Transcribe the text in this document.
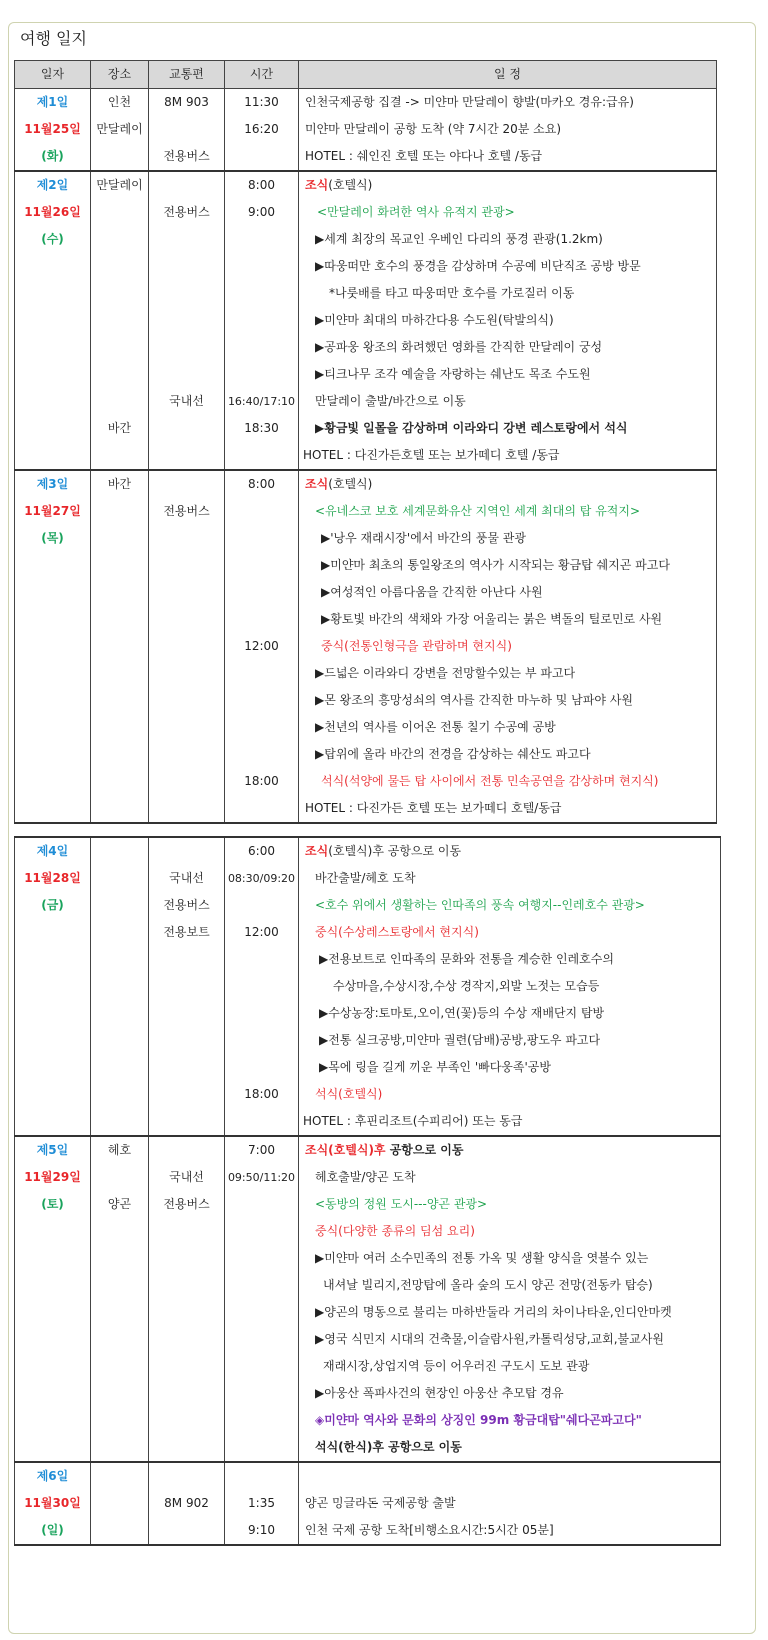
여행 일지
일자	장소	교통편	시간	일 정
제1일	인천	8M 903	11:30	인천국제공항 집결 -> 미얀마 만달레이 향발(마카오 경유:급유)
11월25일	만달레이		16:20	미얀마 만달레이 공항 도착 (약 7시간 20분 소요)
(화)		전용버스		HOTEL : 쉐인진 호텔 또는 야다나 호텔 /동급
제2일	만달레이		8:00	조식(호텔식)
11월26일		전용버스	9:00	<만달레이 화려한 역사 유적지 관광>
(수)				▶세계 최장의 목교인 우베인 다리의 풍경 관광(1.2km)
				▶따웅떠만 호수의 풍경을 감상하며 수공예 비단직조 공방 방문
				*나룻배를 타고 따웅떠만 호수를 가로질러 이동
				▶미얀마 최대의 마하간다용 수도원(탁발의식)
				▶공파웅 왕조의 화려했던 영화를 간직한 만달레이 궁성
				▶티크나무 조각 예술을 자랑하는 쉐난도 목조 수도원
		국내선	16:40/17:10	만달레이 출발/바간으로 이동
	바간		18:30	▶황금빛 일몰을 감상하며 이라와디 강변 레스토랑에서 석식
				HOTEL : 다진가든호텔 또는 보가떼디 호텔 /동급
제3일	바간		8:00	조식(호텔식)
11월27일		전용버스		<유네스코 보호 세계문화유산 지역인 세계 최대의 탑 유적지>
(목)				▶'낭우 재래시장'에서 바간의 풍물 관광
				▶미얀마 최초의 통일왕조의 역사가 시작되는 황금탑 쉐지곤 파고다
				▶여성적인 아름다움을 간직한 아난다 사원
				▶황토빛 바간의 색채와 가장 어울리는 붉은 벽돌의 틸로민로 사원
			12:00	중식(전통인형극을 관람하며 현지식)
				▶드넓은 이라와디 강변을 전망할수있는 부 파고다
				▶몬 왕조의 흥망성쇠의 역사를 간직한 마누하 및 남파야 사원
				▶천년의 역사를 이어온 전통 칠기 수공예 공방
				▶탑위에 올라 바간의 전경을 감상하는 쉐산도 파고다
			18:00	석식(석양에 물든 탑 사이에서 전통 민속공연을 감상하며 현지식)
				HOTEL : 다진가든 호텔 또는 보가떼디 호텔/동급
제4일			6:00	조식(호텔식)후 공항으로 이동
11월28일		국내선	08:30/09:20	바간출발/헤호 도착
(금)		전용버스		<호수 위에서 생활하는 인따족의 풍속 여행지--인레호수 관광>
		전용보트	12:00	중식(수상레스토랑에서 현지식)
				▶전용보트로 인따족의 문화와 전통을 계승한 인레호수의
				수상마을,수상시장,수상 경작지,외발 노젓는 모습등
				▶수상농장:토마토,오이,연(꽃)등의 수상 재배단지 탐방
				▶전통 실크공방,미얀마 궐련(담배)공방,팡도우 파고다
				▶목에 링을 길게 끼운 부족인 '빠다웅족'공방
			18:00	석식(호텔식)
				HOTEL : 후핀리조트(수피리어) 또는 동급
제5일	헤호		7:00	조식(호텔식)후 공항으로 이동
11월29일		국내선	09:50/11:20	헤호출발/양곤 도착
(토)	양곤	전용버스		<동방의 정원 도시---양곤 관광>
				중식(다양한 종류의 딤섬 요리)
				▶미얀마 여러 소수민족의 전통 가옥 및 생활 양식을 엿볼수 있는
				내셔날 빌리지,전망탑에 올라 숲의 도시 양곤 전망(전동카 탑승)
				▶양곤의 명동으로 불리는 마하반둘라 거리의 차이나타운,인디안마켓
				▶영국 식민지 시대의 건축물,이슬람사원,카톨릭성당,교회,불교사원
				재래시장,상업지역 등이 어우러진 구도시 도보 관광
				▶아웅산 폭파사건의 현장인 아웅산 추모탑 경유
				◈미얀마 역사와 문화의 상징인 99m 황금대탑"쉐다곤파고다"
				석식(한식)후 공항으로 이동
제6일				
11월30일		8M 902	1:35	양곤 밍글라돈 국제공항 출발
(일)			9:10	인천 국제 공항 도착[비행소요시간:5시간 05분]
